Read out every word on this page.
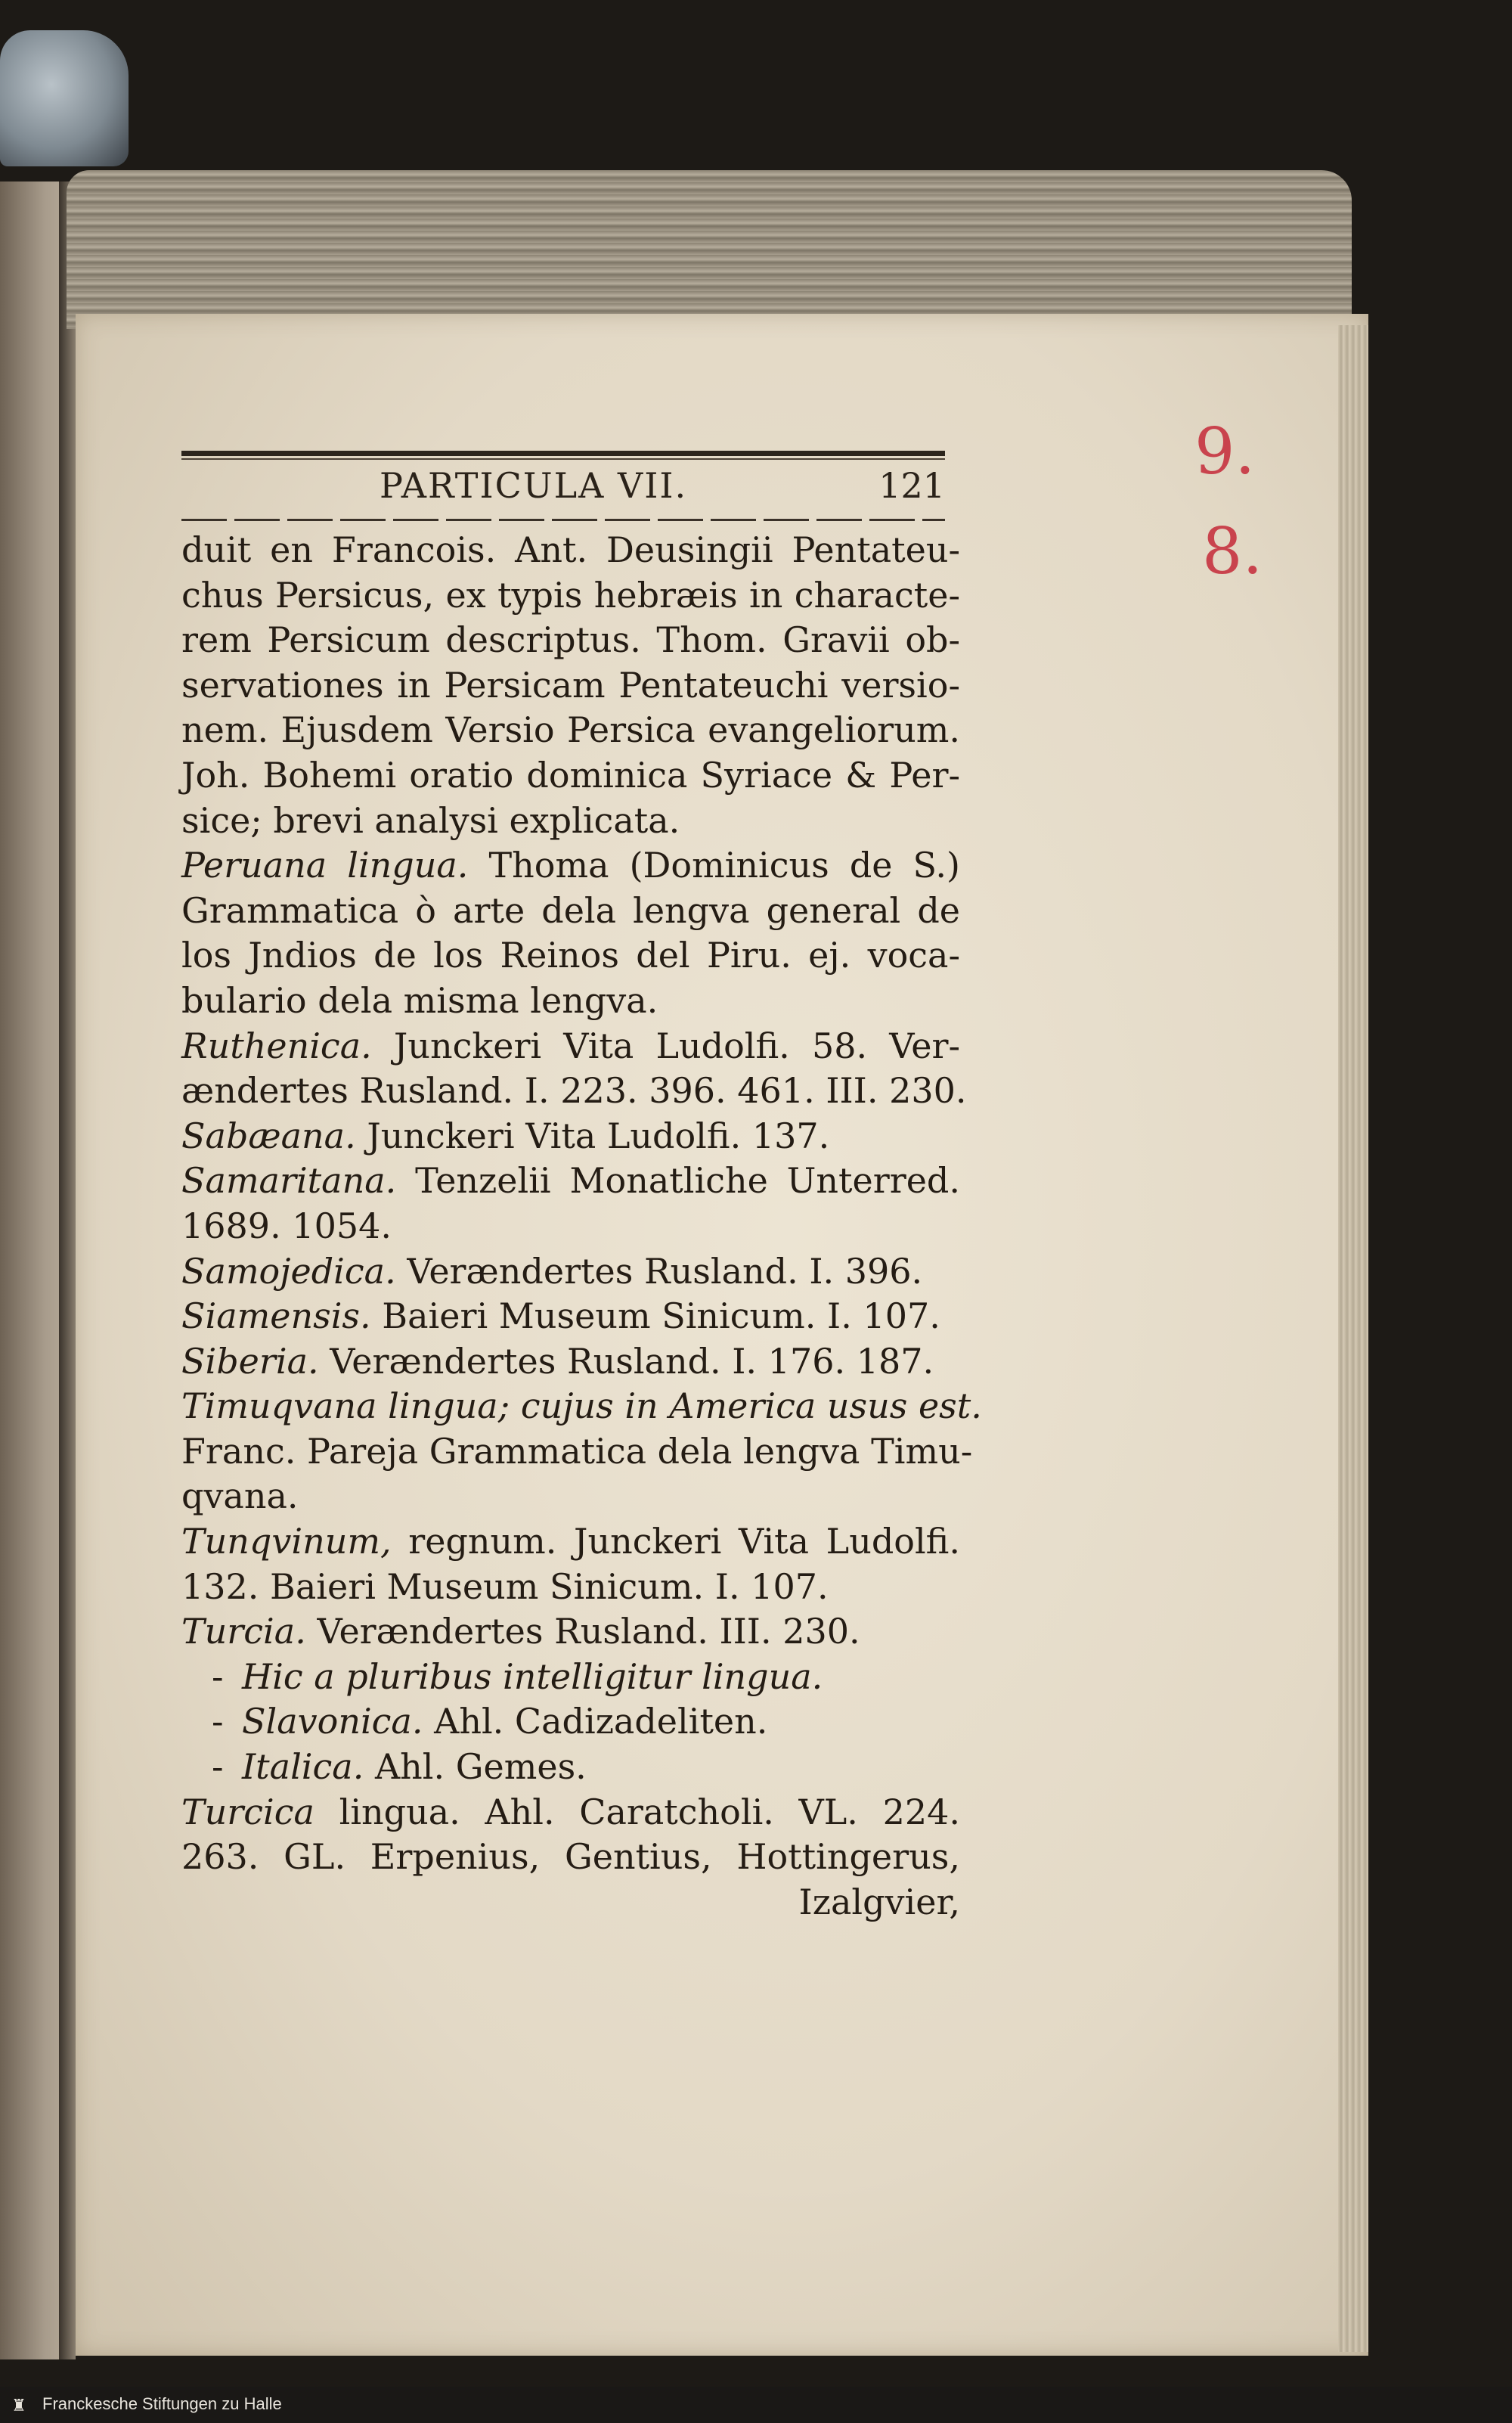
PARTICULA VII.	121	9.
8.
duit en Francois. Ant. Deusingii Pentateu-
chus Persicus, ex typis hebræis in characte-
rem Persicum descriptus. Thom. Gravii ob-
servationes in Persicam Pentateuchi versio-
nem. Ejusdem Versio Persica evangeliorum.
Joh. Bohemi oratio dominica Syriace & Per-
sice; brevi analysi explicata.
Peruana lingua. Thoma (Dominicus de S.)
Grammatica ò arte dela lengva general de
los Jndios de los Reinos del Piru. ej. voca-
bulario dela misma lengva.
Ruthenica. Junckeri Vita Ludolfi. 58. Ver-
ændertes Rusland. I. 223. 396. 461. III. 230.
Sabæana. Junckeri Vita Ludolfi. 137.
Samaritana. Tenzelii Monatliche Unterred.
1689. 1054.
Samojedica. Verændertes Rusland. I. 396.
Siamensis. Baieri Museum Sinicum. I. 107.
Siberia. Verændertes Rusland. I. 176. 187.
Timuqvana lingua; cujus in America usus est.
Franc. Pareja Grammatica dela lengva Timu-
qvana.
Tunqvinum, regnum. Junckeri Vita Ludolfi.
132. Baieri Museum Sinicum. I. 107.
Turcia. Verændertes Rusland. III. 230.
- Hic a pluribus intelligitur lingua.
- Slavonica. Ahl. Cadizadeliten.
- Italica. Ahl. Gemes.
Turcica lingua. Ahl. Caratcholi. VL. 224.
263. GL. Erpenius, Gentius, Hottingerus,
Izalgvier,
♜ Franckesche Stiftungen zu Halle
